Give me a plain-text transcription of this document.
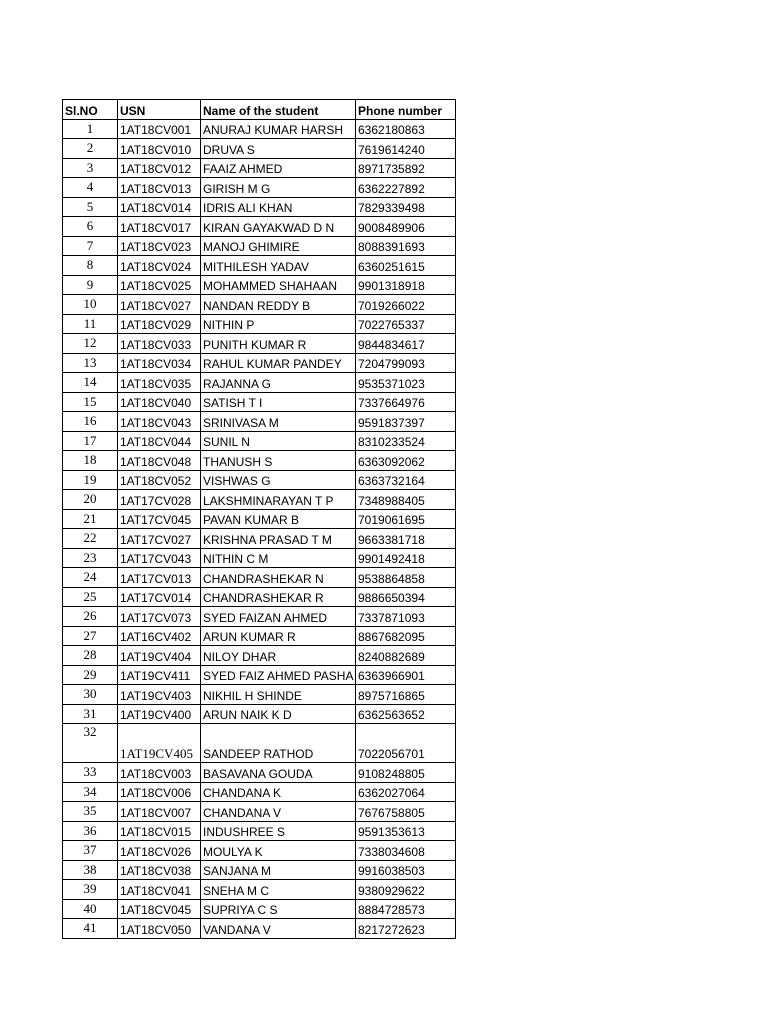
Sl.NO	USN	Name of the student	Phone number
1	1AT18CV001	ANURAJ KUMAR HARSH	6362180863
2	1AT18CV010	DRUVA S	7619614240
3	1AT18CV012	FAAIZ AHMED	8971735892
4	1AT18CV013	GIRISH M G	6362227892
5	1AT18CV014	IDRIS ALI KHAN	7829339498
6	1AT18CV017	KIRAN GAYAKWAD D N	9008489906
7	1AT18CV023	MANOJ GHIMIRE	8088391693
8	1AT18CV024	MITHILESH YADAV	6360251615
9	1AT18CV025	MOHAMMED SHAHAAN	9901318918
10	1AT18CV027	NANDAN REDDY B	7019266022
11	1AT18CV029	NITHIN P	7022765337
12	1AT18CV033	PUNITH KUMAR R	9844834617
13	1AT18CV034	RAHUL KUMAR PANDEY	7204799093
14	1AT18CV035	RAJANNA G	9535371023
15	1AT18CV040	SATISH T I	7337664976
16	1AT18CV043	SRINIVASA M	9591837397
17	1AT18CV044	SUNIL N	8310233524
18	1AT18CV048	THANUSH S	6363092062
19	1AT18CV052	VISHWAS G	6363732164
20	1AT17CV028	LAKSHMINARAYAN T P	7348988405
21	1AT17CV045	PAVAN KUMAR B	7019061695
22	1AT17CV027	KRISHNA PRASAD T M	9663381718
23	1AT17CV043	NITHIN C M	9901492418
24	1AT17CV013	CHANDRASHEKAR N	9538864858
25	1AT17CV014	CHANDRASHEKAR R	9886650394
26	1AT17CV073	SYED FAIZAN AHMED	7337871093
27	1AT16CV402	ARUN KUMAR R	8867682095
28	1AT19CV404	NILOY DHAR	8240882689
29	1AT19CV411	SYED FAIZ AHMED PASHA	6363966901
30	1AT19CV403	NIKHIL H SHINDE	8975716865
31	1AT19CV400	ARUN NAIK K D	6362563652
32	1AT19CV405	SANDEEP RATHOD	7022056701
33	1AT18CV003	BASAVANA GOUDA	9108248805
34	1AT18CV006	CHANDANA K	6362027064
35	1AT18CV007	CHANDANA V	7676758805
36	1AT18CV015	INDUSHREE S	9591353613
37	1AT18CV026	MOULYA K	7338034608
38	1AT18CV038	SANJANA M	9916038503
39	1AT18CV041	SNEHA M C	9380929622
40	1AT18CV045	SUPRIYA C S	8884728573
41	1AT18CV050	VANDANA V	8217272623
